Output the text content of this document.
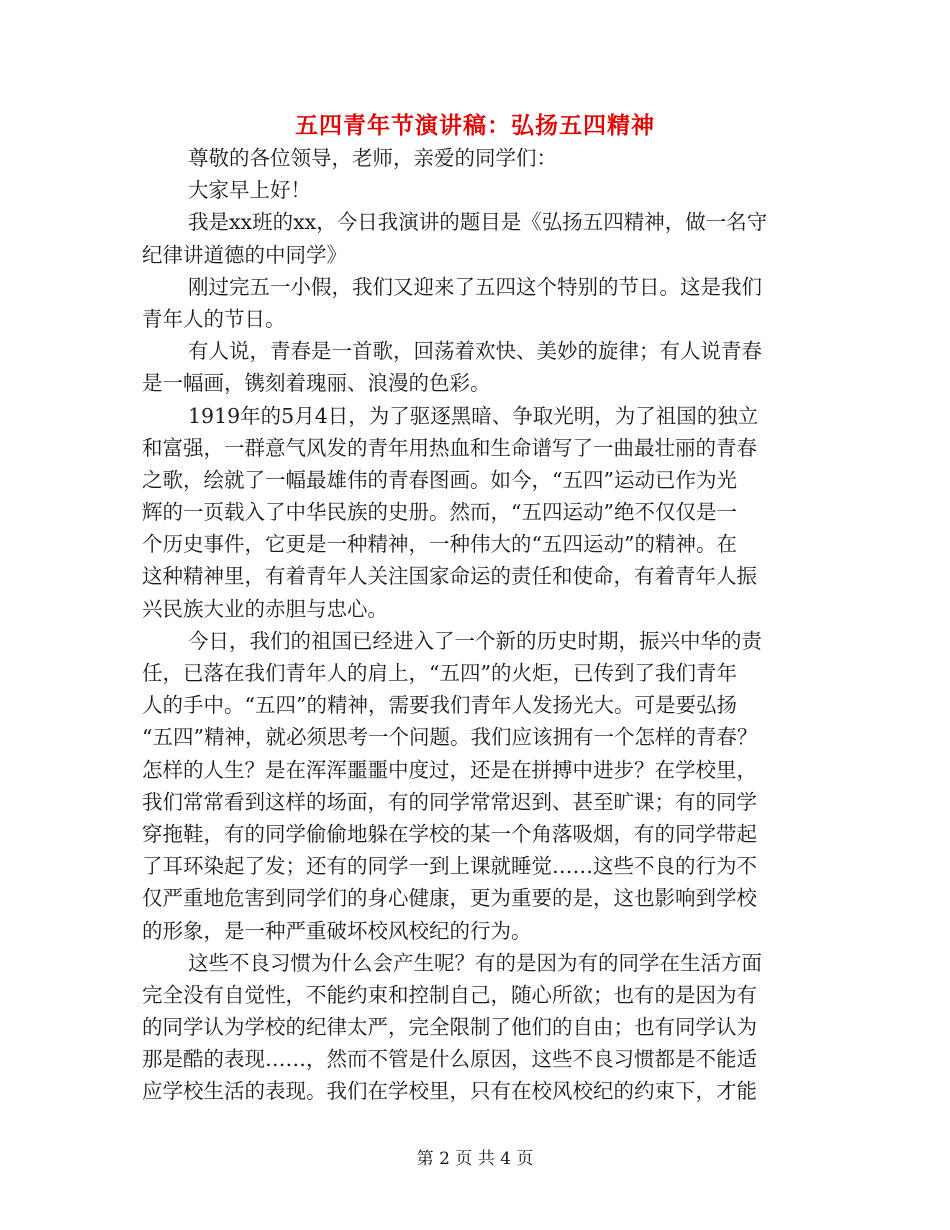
五四青年节演讲稿：弘扬五四精神
尊敬的各位领导，老师，亲爱的同学们：
大家早上好！
我是xx班的xx，今日我演讲的题目是《弘扬五四精神，做一名守
纪律讲道德的中同学》
刚过完五一小假，我们又迎来了五四这个特别的节日。这是我们
青年人的节日。
有人说，青春是一首歌，回荡着欢快、美妙的旋律；有人说青春
是一幅画，镌刻着瑰丽、浪漫的色彩。
1919年的5月4日，为了驱逐黑暗、争取光明，为了祖国的独立
和富强，一群意气风发的青年用热血和生命谱写了一曲最壮丽的青春
之歌，绘就了一幅最雄伟的青春图画。如今，“五四”运动已作为光
辉的一页载入了中华民族的史册。然而，“五四运动”绝不仅仅是一
个历史事件，它更是一种精神，一种伟大的“五四运动”的精神。在
这种精神里，有着青年人关注国家命运的责任和使命，有着青年人振
兴民族大业的赤胆与忠心。
今日，我们的祖国已经进入了一个新的历史时期，振兴中华的责
任，已落在我们青年人的肩上，“五四”的火炬，已传到了我们青年
人的手中。“五四”的精神，需要我们青年人发扬光大。可是要弘扬
“五四”精神，就必须思考一个问题。我们应该拥有一个怎样的青春？
怎样的人生？是在浑浑噩噩中度过，还是在拼搏中进步？在学校里，
我们常常看到这样的场面，有的同学常常迟到、甚至旷课；有的同学
穿拖鞋，有的同学偷偷地躲在学校的某一个角落吸烟，有的同学带起
了耳环染起了发；还有的同学一到上课就睡觉……这些不良的行为不
仅严重地危害到同学们的身心健康，更为重要的是，这也影响到学校
的形象，是一种严重破坏校风校纪的行为。
这些不良习惯为什么会产生呢？有的是因为有的同学在生活方面
完全没有自觉性，不能约束和控制自己，随心所欲；也有的是因为有
的同学认为学校的纪律太严，完全限制了他们的自由；也有同学认为
那是酷的表现……，然而不管是什么原因，这些不良习惯都是不能适
应学校生活的表现。我们在学校里，只有在校风校纪的约束下，才能
第 2 页 共 4 页
